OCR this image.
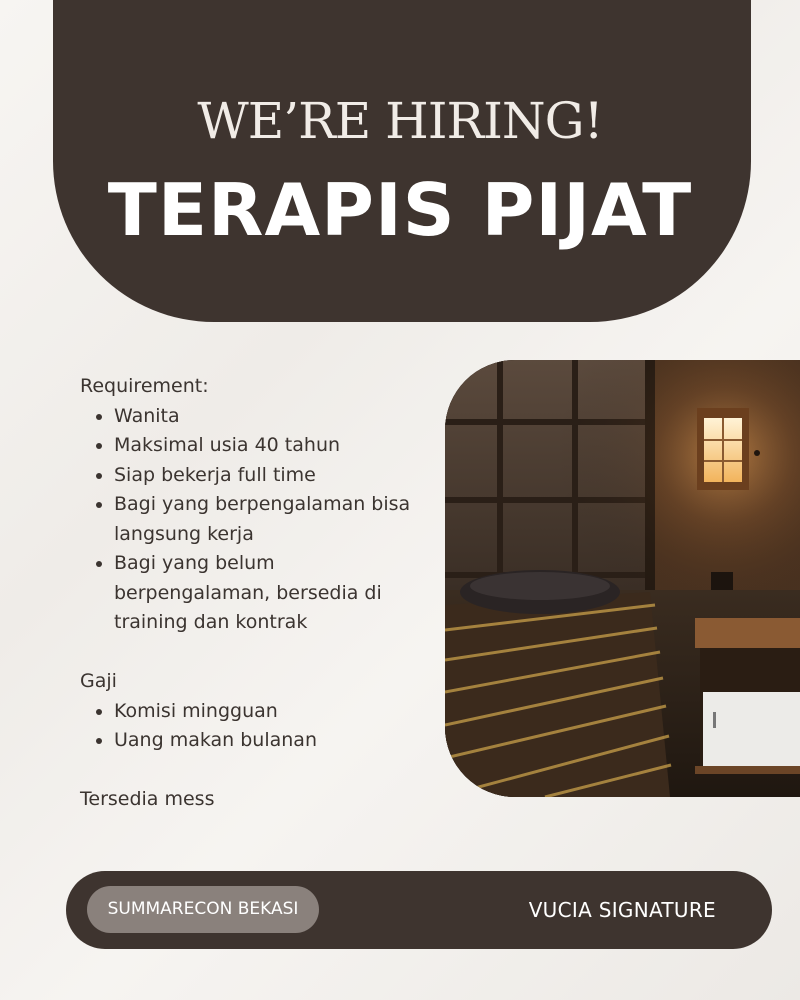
WE’RE HIRING!
TERAPIS PIJAT
Requirement:
• Wanita
• Maksimal usia 40 tahun
• Siap bekerja full time
• Bagi yang berpengalaman bisa langsung kerja
• Bagi yang belum berpengalaman, bersedia di training dan kontrak
Gaji
• Komisi mingguan
• Uang makan bulanan
Tersedia mess
SUMMARECON BEKASI	VUCIA SIGNATURE
